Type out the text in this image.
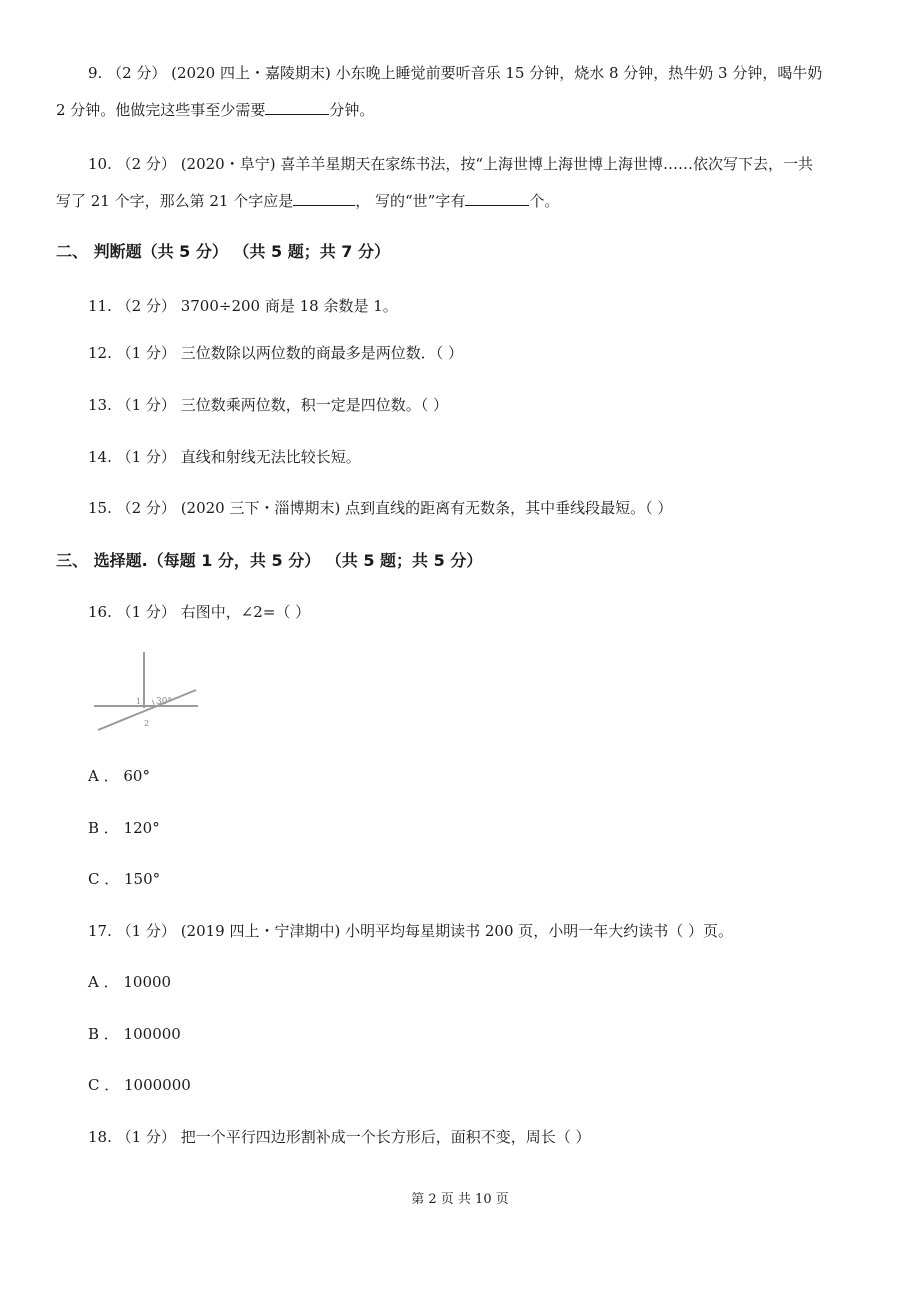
9. （2 分） (2020 四上・嘉陵期末) 小东晚上睡觉前要听音乐 15 分钟，烧水 8 分钟，热牛奶 3 分钟，喝牛奶
2 分钟。他做完这些事至少需要	分钟。
10. （2 分） (2020・阜宁) 喜羊羊星期天在家练书法，按“上海世博上海世博上海世博……依次写下去，一共
写了 21 个字，那么第 21 个字应是	， 写的“世”字有	个。
二、 判断题（共 5 分） （共 5 题；共 7 分）
11. （2 分） 3700÷200 商是 18 余数是 1。
12. （1 分） 三位数除以两位数的商最多是两位数．（ ）
13. （1 分） 三位数乘两位数，积一定是四位数。（ ）
14. （1 分） 直线和射线无法比较长短。
15. （2 分） (2020 三下・淄博期末) 点到直线的距离有无数条，其中垂线段最短。（ ）
三、 选择题.（每题 1 分，共 5 分） （共 5 题；共 5 分）
16. （1 分） 右图中，∠2=（ ）
30°
1
2
A ． 60°
B ． 120°
C ． 150°
17. （1 分） (2019 四上・宁津期中) 小明平均每星期读书 200 页，小明一年大约读书（ ）页。
A ． 10000
B ． 100000
C ． 1000000
18. （1 分） 把一个平行四边形割补成一个长方形后，面积不变，周长（ ）
第 2 页 共 10 页
